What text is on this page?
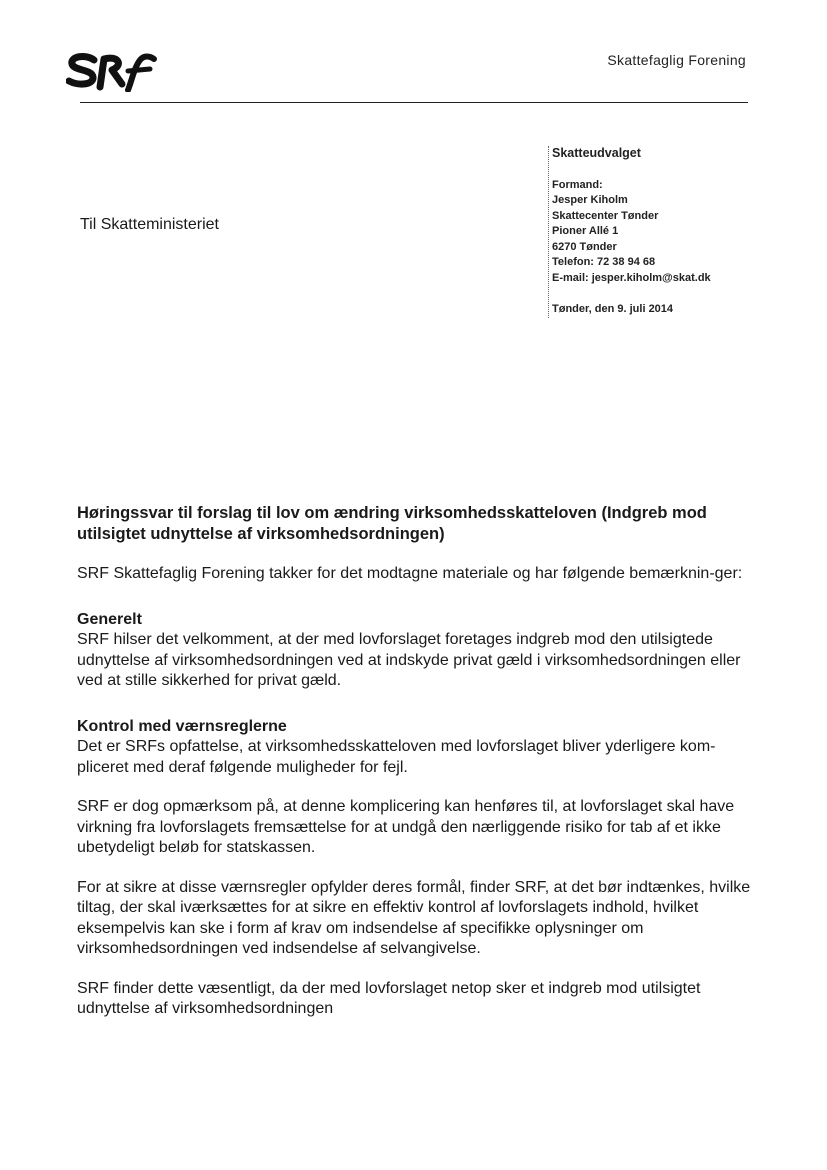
Skattefaglig Forening
Til Skatteministeriet
Skatteudvalget
Formand:
Jesper Kiholm
Skattecenter Tønder
Pioner Allé 1
6270 Tønder
Telefon: 72 38 94 68
E-mail: jesper.kiholm@skat.dk
Tønder, den 9. juli 2014
Høringssvar til forslag til lov om ændring virksomhedsskatteloven (Indgreb mod utilsigtet udnyttelse af virksomhedsordningen)

SRF Skattefaglig Forening takker for det modtagne materiale og har følgende bemærknin-ger:

Generelt

SRF hilser det velkomment, at der med lovforslaget foretages indgreb mod den utilsigtede udnyttelse af virksomhedsordningen ved at indskyde privat gæld i virksomhedsordningen eller ved at stille sikkerhed for privat gæld.

Kontrol med værnsreglerne

Det er SRFs opfattelse, at virksomhedsskatteloven med lovforslaget bliver yderligere kom-pliceret med deraf følgende muligheder for fejl.

SRF er dog opmærksom på, at denne komplicering kan henføres til, at lovforslaget skal have virkning fra lovforslagets fremsættelse for at undgå den nærliggende risiko for tab af et ikke ubetydeligt beløb for statskassen.

For at sikre at disse værnsregler opfylder deres formål, finder SRF, at det bør indtænkes, hvilke tiltag, der skal iværksættes for at sikre en effektiv kontrol af lovforslagets indhold, hvilket eksempelvis kan ske i form af krav om indsendelse af specifikke oplysninger om virksomhedsordningen ved indsendelse af selvangivelse.

SRF finder dette væsentligt, da der med lovforslaget netop sker et indgreb mod utilsigtet udnyttelse af virksomhedsordningen
